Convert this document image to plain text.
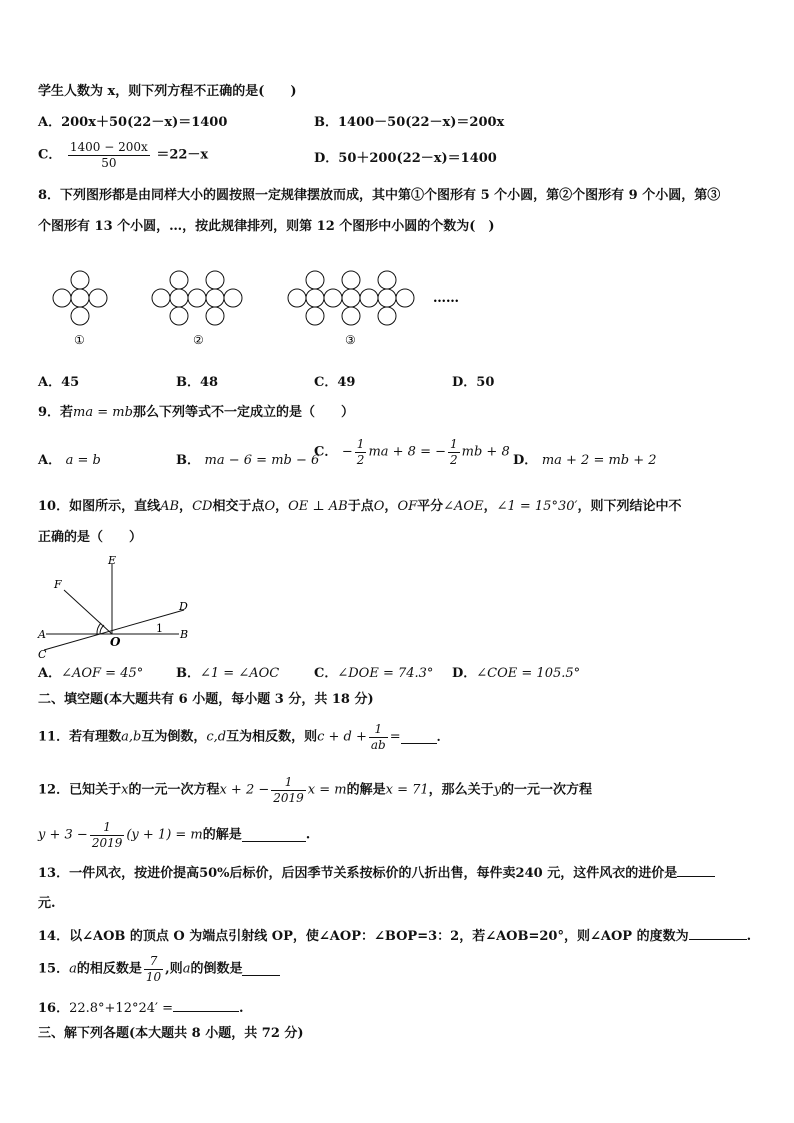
学生人数为 x，则下列方程不正确的是(　　)
A．200x＋50(22－x)＝1400	B．1400－50(22－x)＝200x
C． $\frac{1400 - 200x}{50} =22-x$	D．50＋200(22－x)＝1400
8．下列图形都是由同样大小的圆按照一定规律摆放而成，其中第①个图形有 5 个小圆，第②个图形有 9 个小圆，第③
个图形有 13 个小圆，…，按此规律排列，则第 12 个图形中小圆的个数为(　)
①	②	③
……
A．45	B．48	C．49	D．50
9．若ma = mb那么下列等式不一定成立的是（　　）
A． a = b	B． ma − 6 = mb − 6
C． − $\frac{1}{2}$ ma + 8 = − $\frac{1}{2}$ mb + 8
D． ma + 2 = mb + 2
10．如图所示，直线AB，CD相交于点O，OE ⊥ AB于点O，OF平分∠AOE，∠1 = 15°30′，则下列结论中不
正确的是（　　）
E
F
D
A	B
C
O
1
A．∠AOF = 45°	B．∠1 = ∠AOC	C．∠DOE = 74.3° D．∠COE = 105.5°
二、填空题(本大题共有 6 小题，每小题 3 分，共 18 分)
11．若有理数a,b互为倒数，c,d互为相反数，则$c + d + \frac{1}{ab}$ =	．
12．已知关于x的一元一次方程$x + 2 - \frac{1}{2019}$ x = m的解是x = 71，那么关于y的一元一次方程
$y + 3 - \frac{1}{2019} (y + 1) = m$的解是	.
13．一件风衣，按进价提高50%后标价，后因季节关系按标价的八折出售，每件卖240 元，这件风衣的进价是
元.
14．以∠AOB 的顶点 O 为端点引射线 OP，使∠AOP：∠BOP=3：2，若∠AOB=20°，则∠AOP 的度数为	.
15．a的相反数是 $\frac{7}{10}$ ,则a的倒数是
16．22.8°+12°24′ =	.
三、解下列各题(本大题共 8 小题，共 72 分)
